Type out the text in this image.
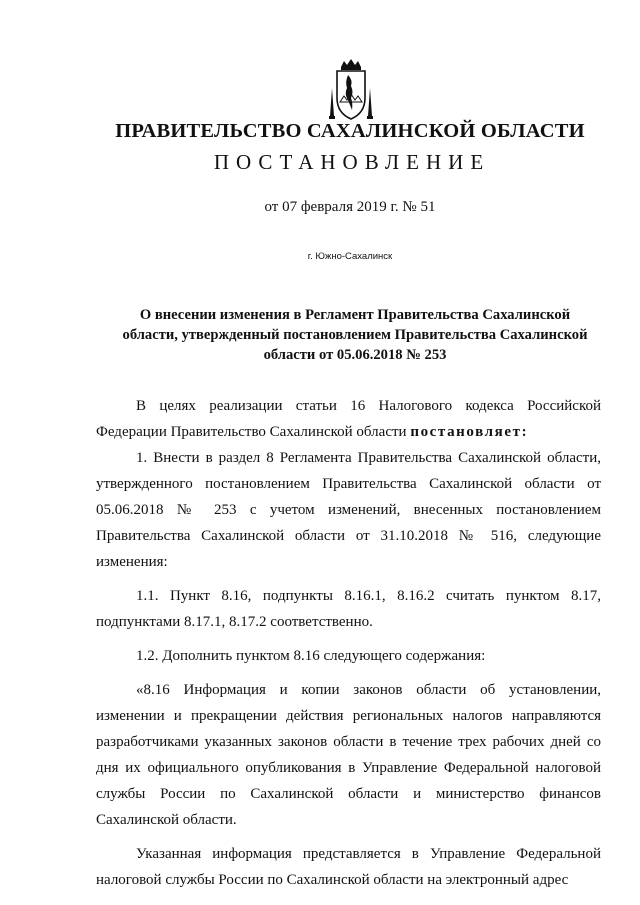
ПРАВИТЕЛЬСТВО САХАЛИНСКОЙ ОБЛАСТИ
ПОСТАНОВЛЕНИЕ
от 07 февраля 2019 г. № 51
г. Южно-Сахалинск
О внесении изменения в Регламент Правительства Сахалинской области, утвержденный постановлением Правительства Сахалинской области от 05.06.2018 № 253

В целях реализации статьи 16 Налогового кодекса Российской Федерации Правительство Сахалинской области постановляет:

1. Внести в раздел 8 Регламента Правительства Сахалинской области, утвержденного постановлением Правительства Сахалинской области от 05.06.2018 № 253 с учетом изменений, внесенных постановлением Правительства Сахалинской области от 31.10.2018 № 516, следующие изменения:

1.1. Пункт 8.16, подпункты 8.16.1, 8.16.2 считать пунктом 8.17, подпунктами 8.17.1, 8.17.2 соответственно.

1.2. Дополнить пунктом 8.16 следующего содержания:

«8.16 Информация и копии законов области об установлении, изменении и прекращении действия региональных налогов направляются разработчиками указанных законов области в течение трех рабочих дней со дня их официального опубликования в Управление Федеральной налоговой службы России по Сахалинской области и министерство финансов Сахалинской области.

Указанная информация представляется в Управление Федеральной налоговой службы России по Сахалинской области на электронный адрес
